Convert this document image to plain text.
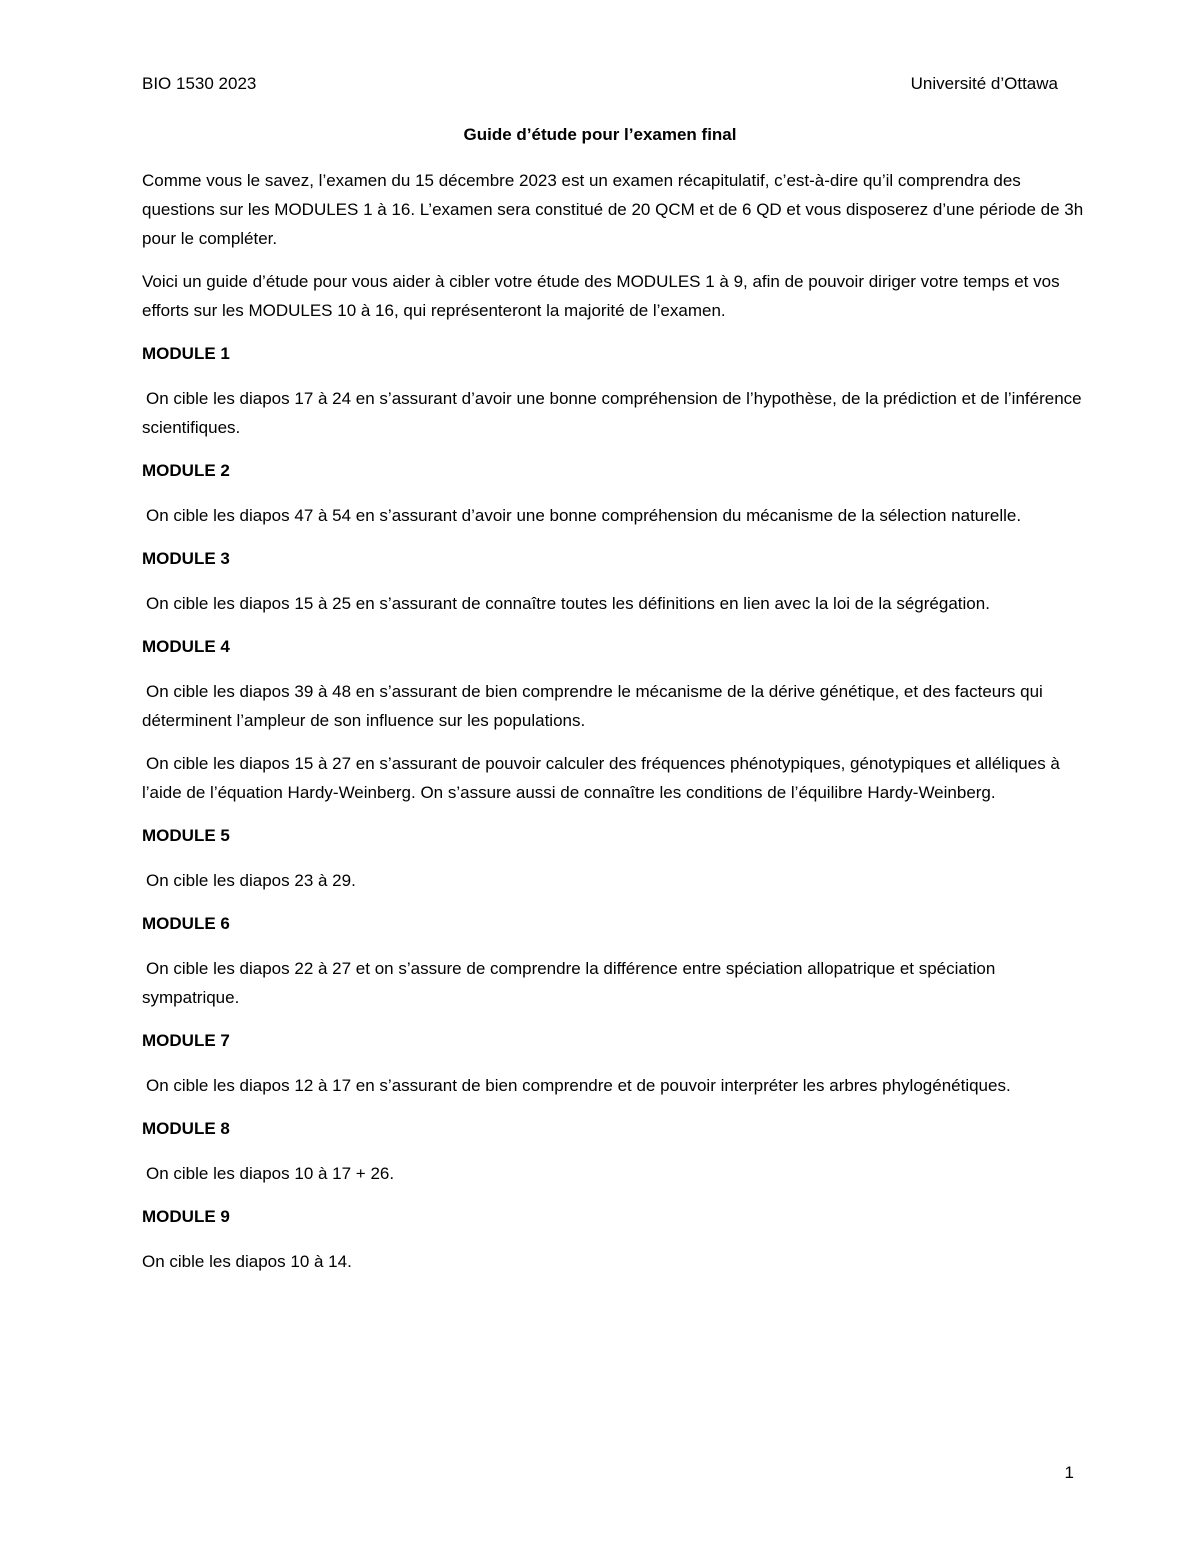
BIO 1530 2023	Université d’Ottawa
Guide d’étude pour l’examen final

Comme vous le savez, l’examen du 15 décembre 2023 est un examen récapitulatif, c’est-à-dire qu’il comprendra des questions sur les MODULES 1 à 16. L’examen sera constitué de 20 QCM et de 6 QD et vous disposerez d’une période de 3h pour le compléter.

Voici un guide d’étude pour vous aider à cibler votre étude des MODULES 1 à 9, afin de pouvoir diriger votre temps et vos efforts sur les MODULES 10 à 16, qui représenteront la majorité de l’examen.

MODULE 1
On cible les diapos 17 à 24 en s’assurant d’avoir une bonne compréhension de l’hypothèse, de la prédiction et de l’inférence scientifiques.
MODULE 2
On cible les diapos 47 à 54 en s’assurant d’avoir une bonne compréhension du mécanisme de la sélection naturelle.
MODULE 3
On cible les diapos 15 à 25 en s’assurant de connaître toutes les définitions en lien avec la loi de la ségrégation.
MODULE 4
On cible les diapos 39 à 48 en s’assurant de bien comprendre le mécanisme de la dérive génétique, et des facteurs qui déterminent l’ampleur de son influence sur les populations.
On cible les diapos 15 à 27 en s’assurant de pouvoir calculer des fréquences phénotypiques, génotypiques et alléliques à l’aide de l’équation Hardy-Weinberg. On s’assure aussi de connaître les conditions de l’équilibre Hardy-Weinberg.
MODULE 5
On cible les diapos 23 à 29.
MODULE 6
On cible les diapos 22 à 27 et on s’assure de comprendre la différence entre spéciation allopatrique et spéciation sympatrique.
MODULE 7
On cible les diapos 12 à 17 en s’assurant de bien comprendre et de pouvoir interpréter les arbres phylogénétiques.
MODULE 8
On cible les diapos 10 à 17 + 26.
MODULE 9
On cible les diapos 10 à 14.
1
